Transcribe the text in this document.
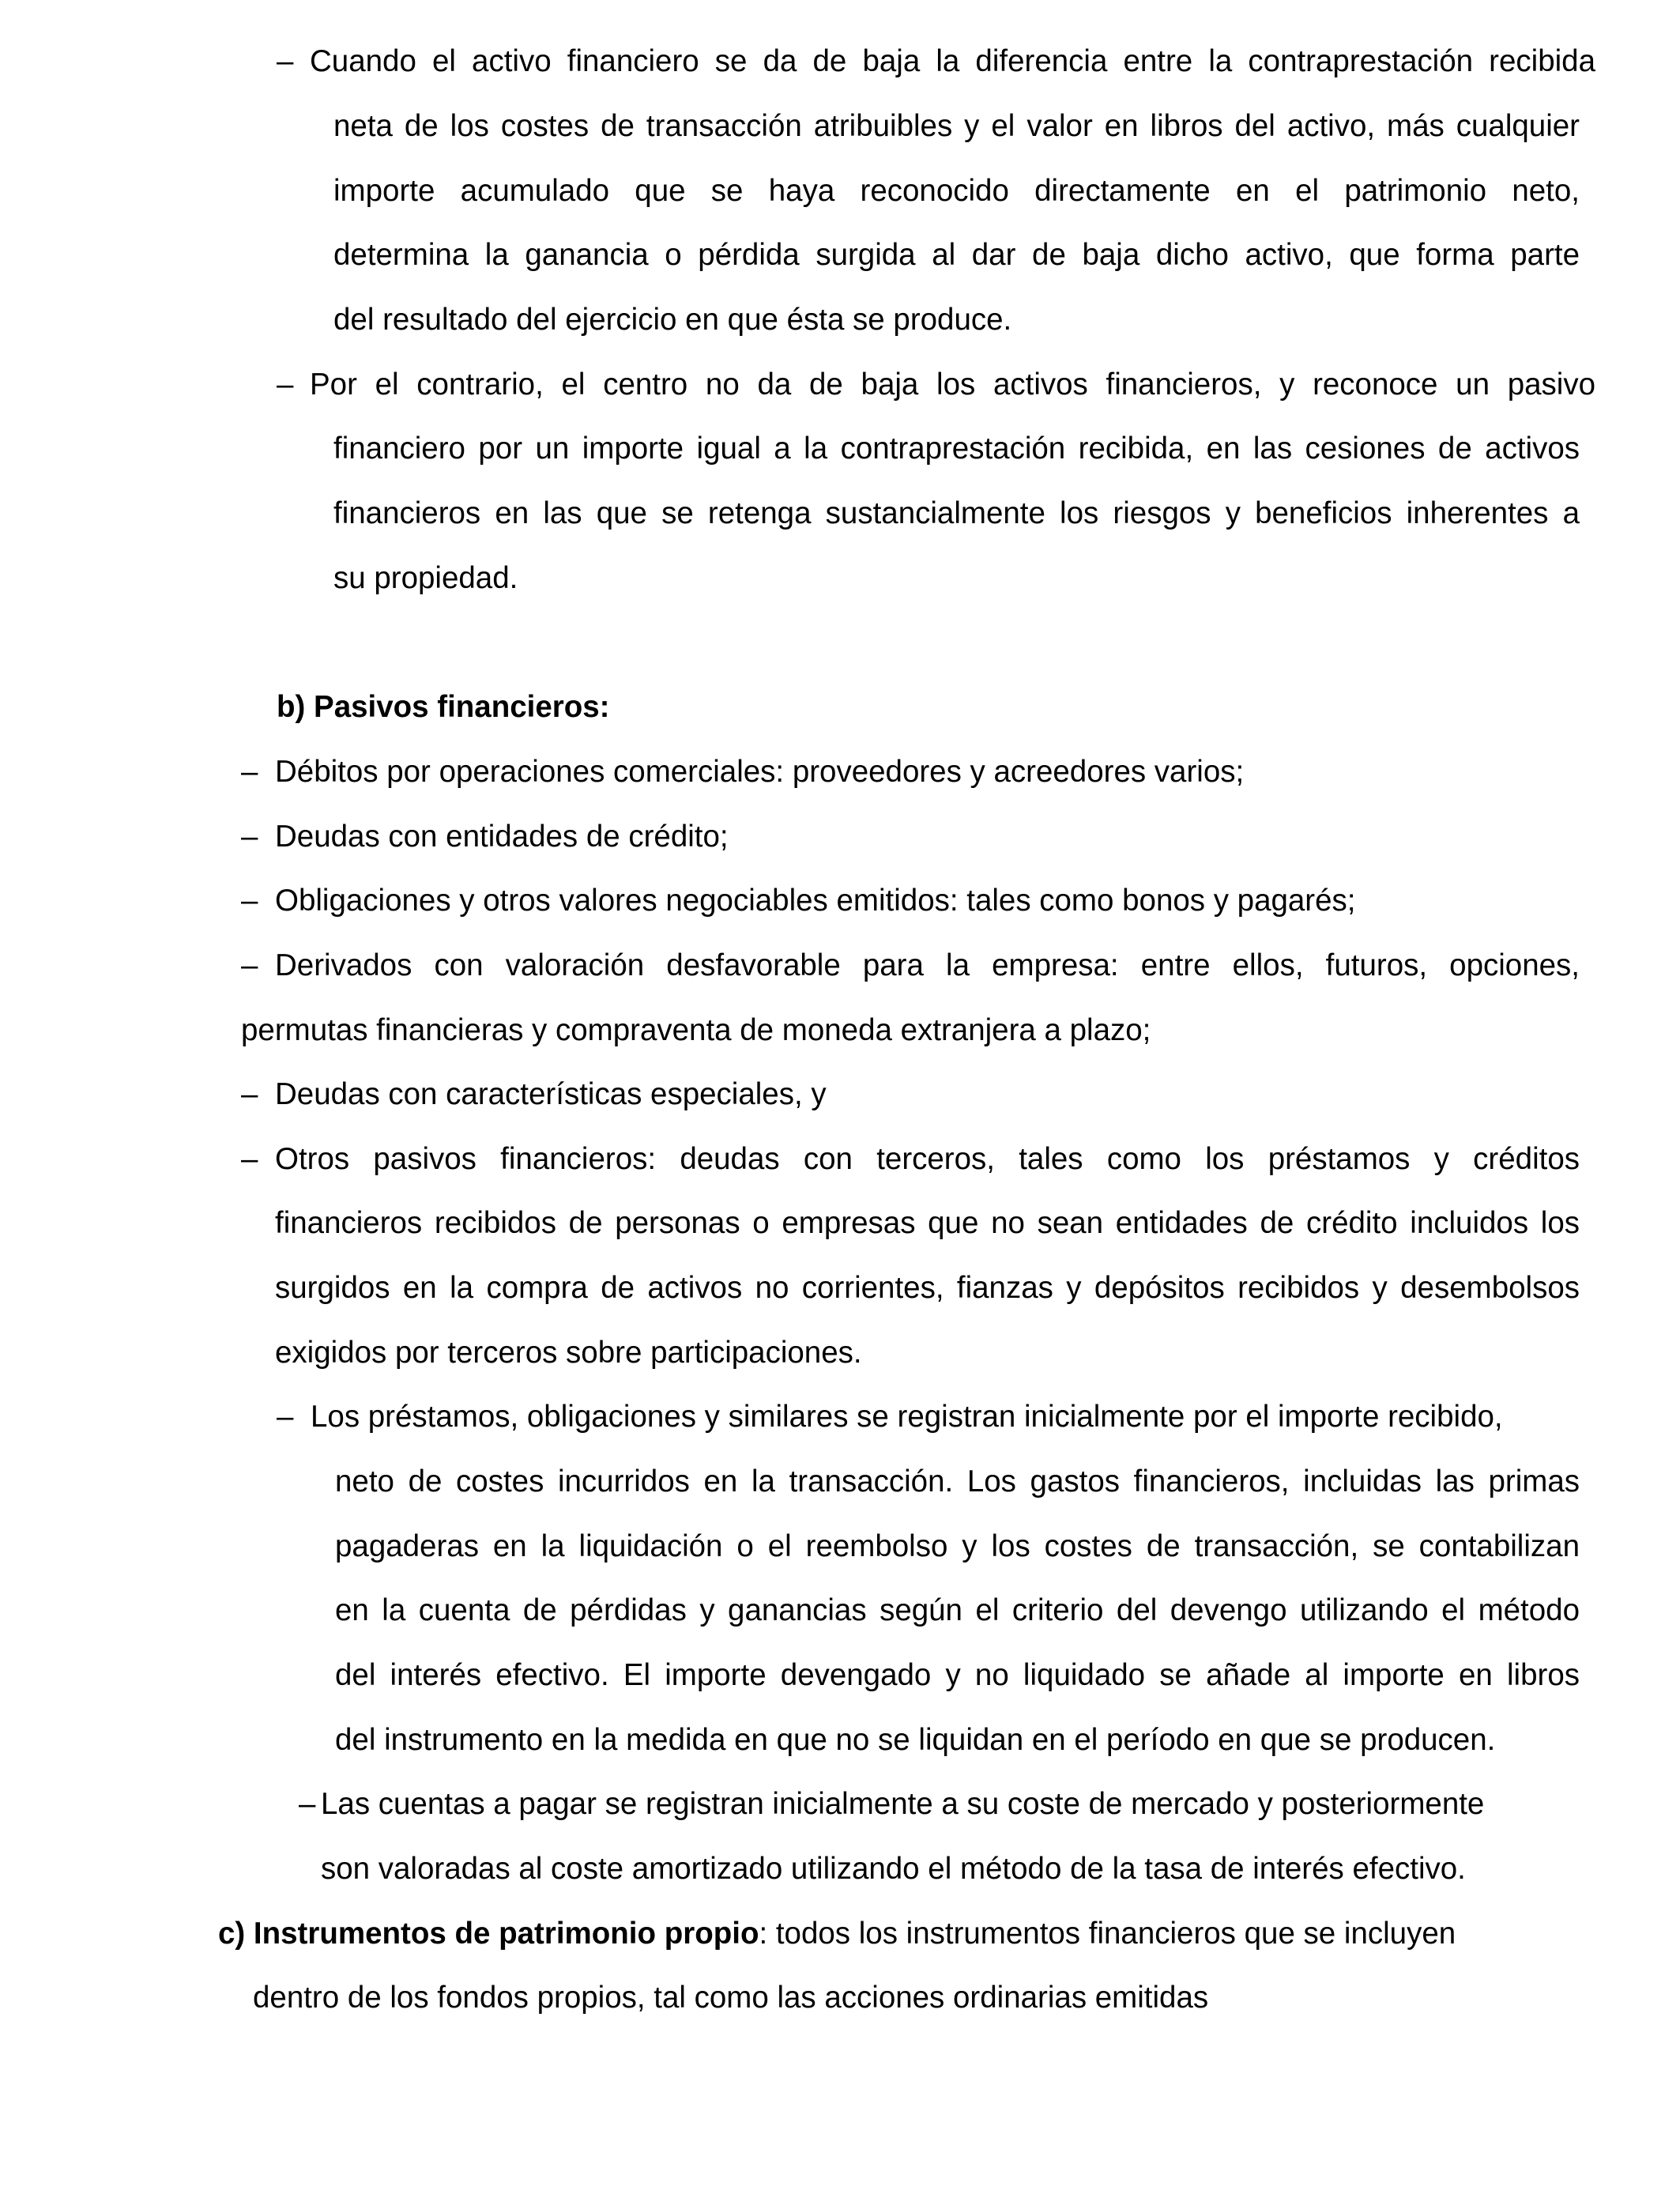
– Cuando el activo financiero se da de baja la diferencia entre la contraprestación recibida
neta de los costes de transacción atribuibles y el valor en libros del activo, más cualquier
importe acumulado que se haya reconocido directamente en el patrimonio neto,
determina la ganancia o pérdida surgida al dar de baja dicho activo, que forma parte
del resultado del ejercicio en que ésta se produce.
– Por el contrario, el centro no da de baja los activos financieros, y reconoce un pasivo
financiero por un importe igual a la contraprestación recibida, en las cesiones de activos
financieros en las que se retenga sustancialmente los riesgos y beneficios inherentes a
su propiedad.
b) Pasivos financieros:
– Débitos por operaciones comerciales: proveedores y acreedores varios;
– Deudas con entidades de crédito;
– Obligaciones y otros valores negociables emitidos: tales como bonos y pagarés;
– Derivados con valoración desfavorable para la empresa: entre ellos, futuros, opciones,
permutas financieras y compraventa de moneda extranjera a plazo;
– Deudas con características especiales, y
– Otros pasivos financieros: deudas con terceros, tales como los préstamos y créditos
financieros recibidos de personas o empresas que no sean entidades de crédito incluidos los
surgidos en la compra de activos no corrientes, fianzas y depósitos recibidos y desembolsos
exigidos por terceros sobre participaciones.
– Los préstamos, obligaciones y similares se registran inicialmente por el importe recibido,
neto de costes incurridos en la transacción. Los gastos financieros, incluidas las primas
pagaderas en la liquidación o el reembolso y los costes de transacción, se contabilizan
en la cuenta de pérdidas y ganancias según el criterio del devengo utilizando el método
del interés efectivo. El importe devengado y no liquidado se añade al importe en libros
del instrumento en la medida en que no se liquidan en el período en que se producen.
– Las cuentas a pagar se registran inicialmente a su coste de mercado y posteriormente
son valoradas al coste amortizado utilizando el método de la tasa de interés efectivo.
c) Instrumentos de patrimonio propio: todos los instrumentos financieros que se incluyen
dentro de los fondos propios, tal como las acciones ordinarias emitidas
